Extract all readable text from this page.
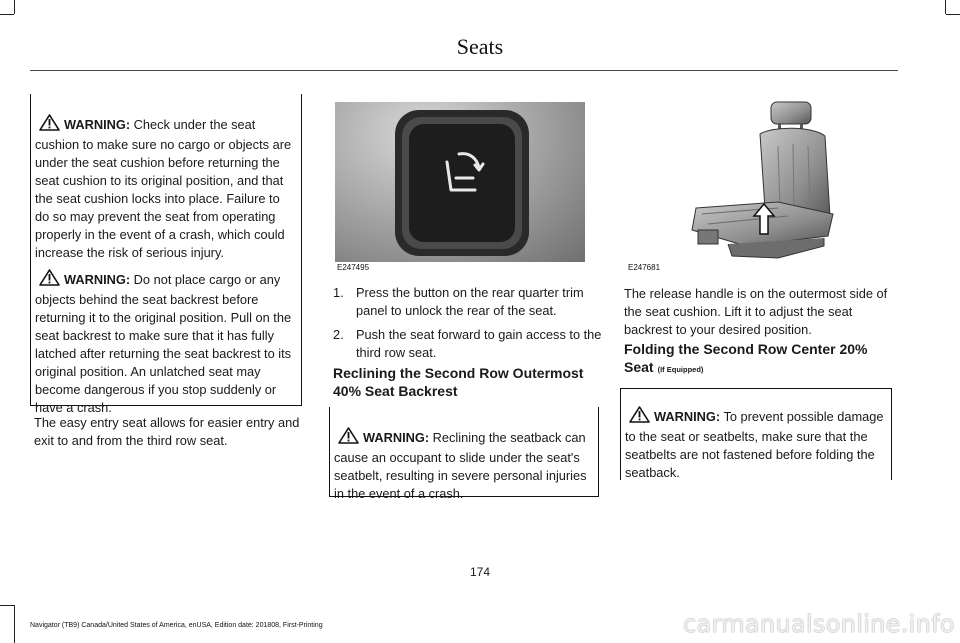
Seats

WARNING: Check under the seat cushion to make sure no cargo or objects are under the seat cushion before returning the seat cushion to its original position, and that the seat cushion locks into place. Failure to do so may prevent the seat from operating properly in the event of a crash, which could increase the risk of serious injury.

WARNING: Do not place cargo or any objects behind the seat backrest before returning it to the original position. Pull on the seat backrest to make sure that it has fully latched after returning the seat backrest to its original position. An unlatched seat may become dangerous if you stop suddenly or have a crash.

The easy entry seat allows for easier entry and exit to and from the third row seat.
E247495
1. Press the button on the rear quarter trim panel to unlock the rear of the seat.
2. Push the seat forward to gain access to the third row seat.
Reclining the Second Row Outermost 40% Seat Backrest

WARNING: Reclining the seatback can cause an occupant to slide under the seat's seatbelt, resulting in severe personal injuries in the event of a crash.

E247681
The release handle is on the outermost side of the seat cushion. Lift it to adjust the seat backrest to your desired position.
Folding the Second Row Center 20%
Seat (If Equipped)

WARNING: To prevent possible damage to the seat or seatbelts, make sure that the seatbelts are not fastened before folding the seatback.

174
Navigator (TB9) Canada/United States of America, enUSA, Edition date: 201808, First-Printing	carmanualsonline.info
